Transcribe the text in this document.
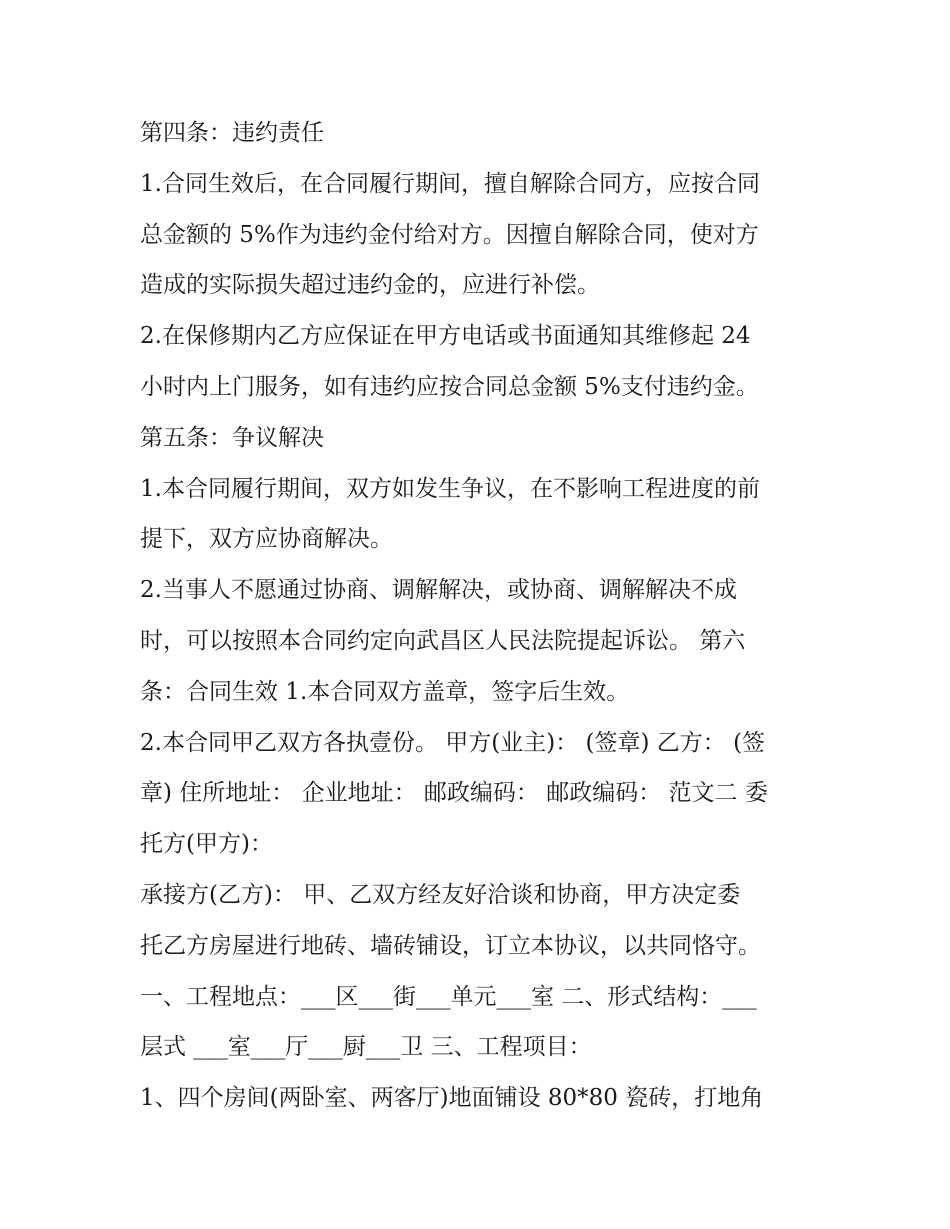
第四条：违约责任
1.合同生效后，在合同履行期间，擅自解除合同方，应按合同
总金额的 5%作为违约金付给对方。因擅自解除合同，使对方
造成的实际损失超过违约金的，应进行补偿。
2.在保修期内乙方应保证在甲方电话或书面通知其维修起 24
小时内上门服务，如有违约应按合同总金额 5%支付违约金。
第五条：争议解决
1.本合同履行期间，双方如发生争议，在不影响工程进度的前
提下，双方应协商解决。
2.当事人不愿通过协商、调解解决，或协商、调解解决不成
时，可以按照本合同约定向武昌区人民法院提起诉讼。 第六
条：合同生效 1.本合同双方盖章，签字后生效。
2.本合同甲乙双方各执壹份。 甲方(业主)： (签章) 乙方： (签
章) 住所地址： 企业地址： 邮政编码： 邮政编码： 范文二 委
托方(甲方)：
承接方(乙方)： 甲、乙双方经友好洽谈和协商，甲方决定委
托乙方房屋进行地砖、墙砖铺设，订立本协议，以共同恪守。
一、工程地点：___区___街___单元___室 二、形式结构：___
层式 ___室___厅___厨___卫 三、工程项目：
1、四个房间(两卧室、两客厅)地面铺设 80*80 瓷砖，打地角
